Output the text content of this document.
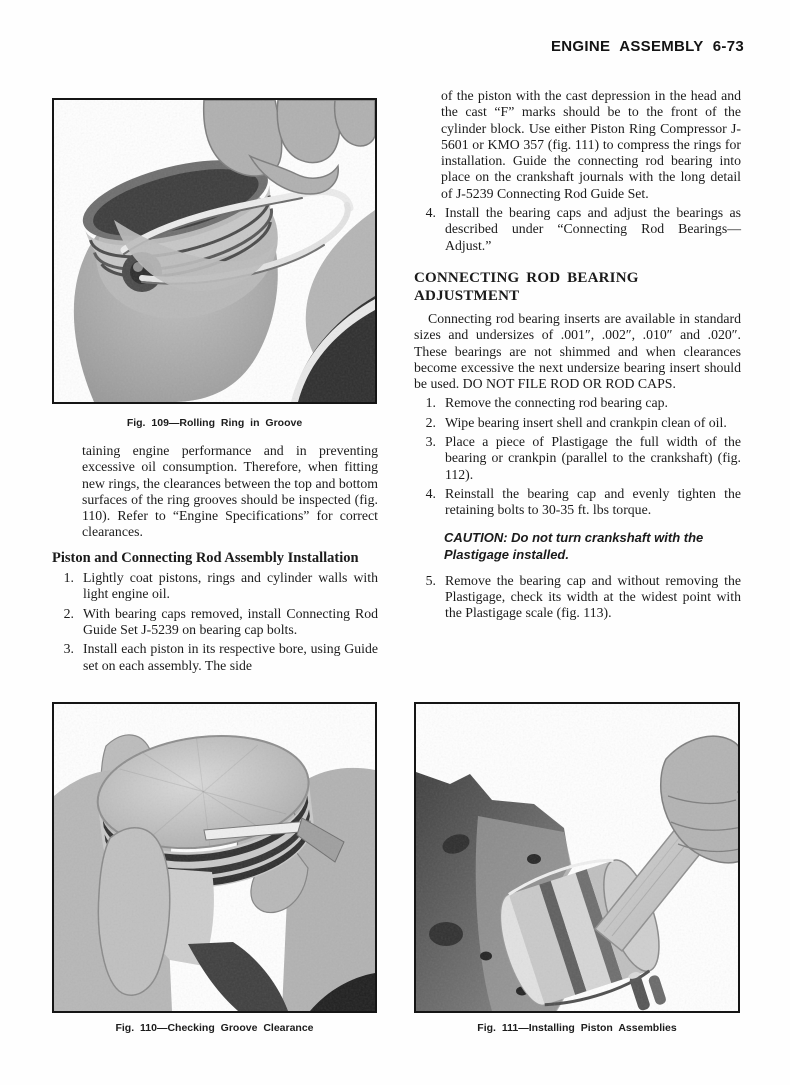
ENGINE ASSEMBLY 6-73
Fig. 109—Rolling Ring in Groove

taining engine performance and in preventing excessive oil consumption. Therefore, when fitting new rings, the clearances between the top and bottom surfaces of the ring grooves should be inspected (fig. 110). Refer to “Engine Specifications” for correct clearances.

Piston and Connecting Rod Assembly Installation
1. Lightly coat pistons, rings and cylinder walls with light engine oil.
2. With bearing caps removed, install Connecting Rod Guide Set J-5239 on bearing cap bolts.
3. Install each piston in its respective bore, using Guide set on each assembly. The side

of the piston with the cast depression in the head and the cast “F” marks should be to the front of the cylinder block. Use either Piston Ring Compressor J-5601 or KMO 357 (fig. 111) to compress the rings for installation. Guide the connecting rod bearing into place on the crankshaft journals with the long detail of J-5239 Connecting Rod Guide Set.

4. Install the bearing caps and adjust the bearings as described under “Connecting Rod Bearings—Adjust.”
CONNECTING ROD BEARING ADJUSTMENT

Connecting rod bearing inserts are available in standard sizes and undersizes of .001″, .002″, .010″ and .020″. These bearings are not shimmed and when clearances become excessive the next undersize bearing insert should be used. DO NOT FILE ROD OR ROD CAPS.

1. Remove the connecting rod bearing cap.
2. Wipe bearing insert shell and crankpin clean of oil.
3. Place a piece of Plastigage the full width of the bearing or crankpin (parallel to the crankshaft) (fig. 112).
4. Reinstall the bearing cap and evenly tighten the retaining bolts to 30-35 ft. lbs torque.
CAUTION: Do not turn crankshaft with the Plastigage installed.
5. Remove the bearing cap and without removing the Plastigage, check its width at the widest point with the Plastigage scale (fig. 113).
Fig. 110—Checking Groove Clearance	Fig. 111—Installing Piston Assemblies
